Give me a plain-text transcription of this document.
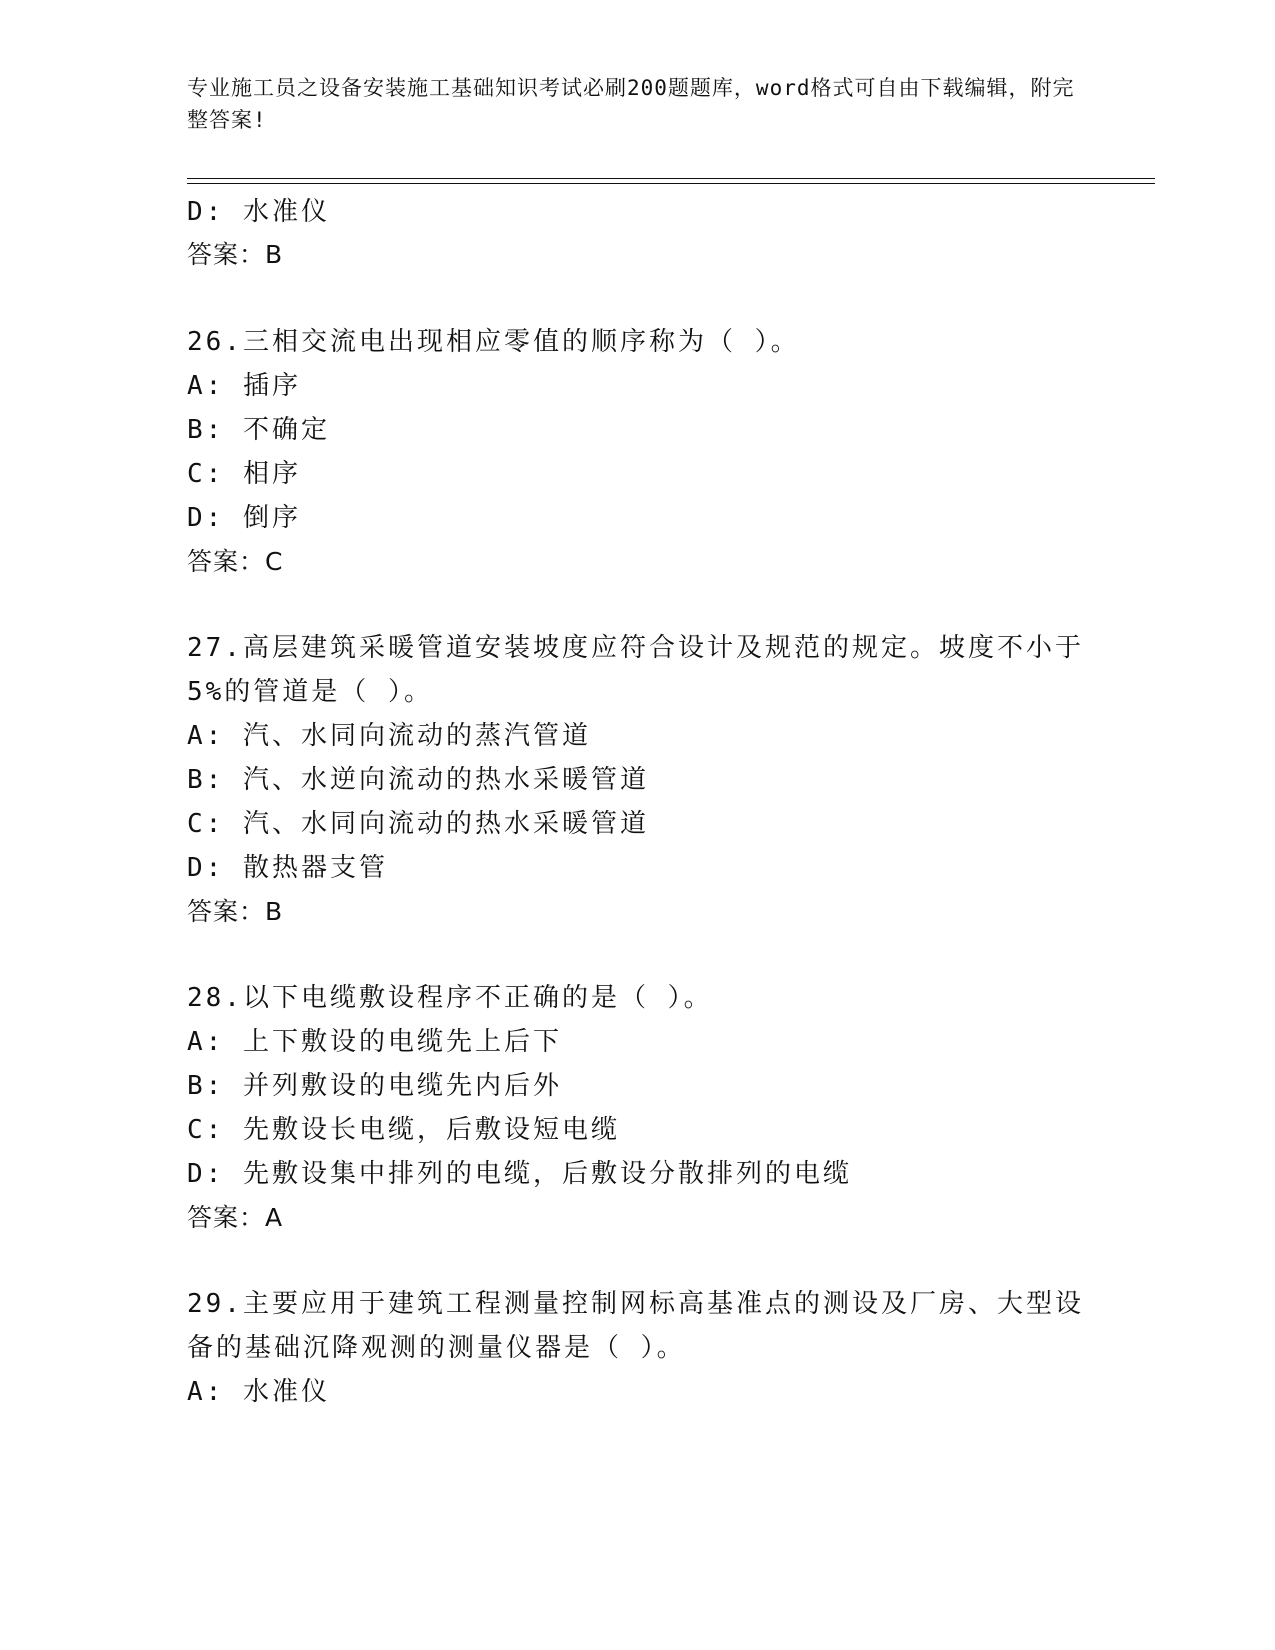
专业施工员之设备安装施工基础知识考试必刷200题题库，word格式可自由下载编辑，附完整答案!
D: 水准仪
答案：B
26.三相交流电出现相应零值的顺序称为（ ）。
A: 插序
B: 不确定
C: 相序
D: 倒序
答案：C
27.高层建筑采暖管道安装坡度应符合设计及规范的规定。坡度不小于
5%的管道是（ ）。
A: 汽、水同向流动的蒸汽管道
B: 汽、水逆向流动的热水采暖管道
C: 汽、水同向流动的热水采暖管道
D: 散热器支管
答案：B
28.以下电缆敷设程序不正确的是（ ）。
A: 上下敷设的电缆先上后下
B: 并列敷设的电缆先内后外
C: 先敷设长电缆，后敷设短电缆
D: 先敷设集中排列的电缆，后敷设分散排列的电缆
答案：A
29.主要应用于建筑工程测量控制网标高基准点的测设及厂房、大型设
备的基础沉降观测的测量仪器是（ ）。
A: 水准仪
